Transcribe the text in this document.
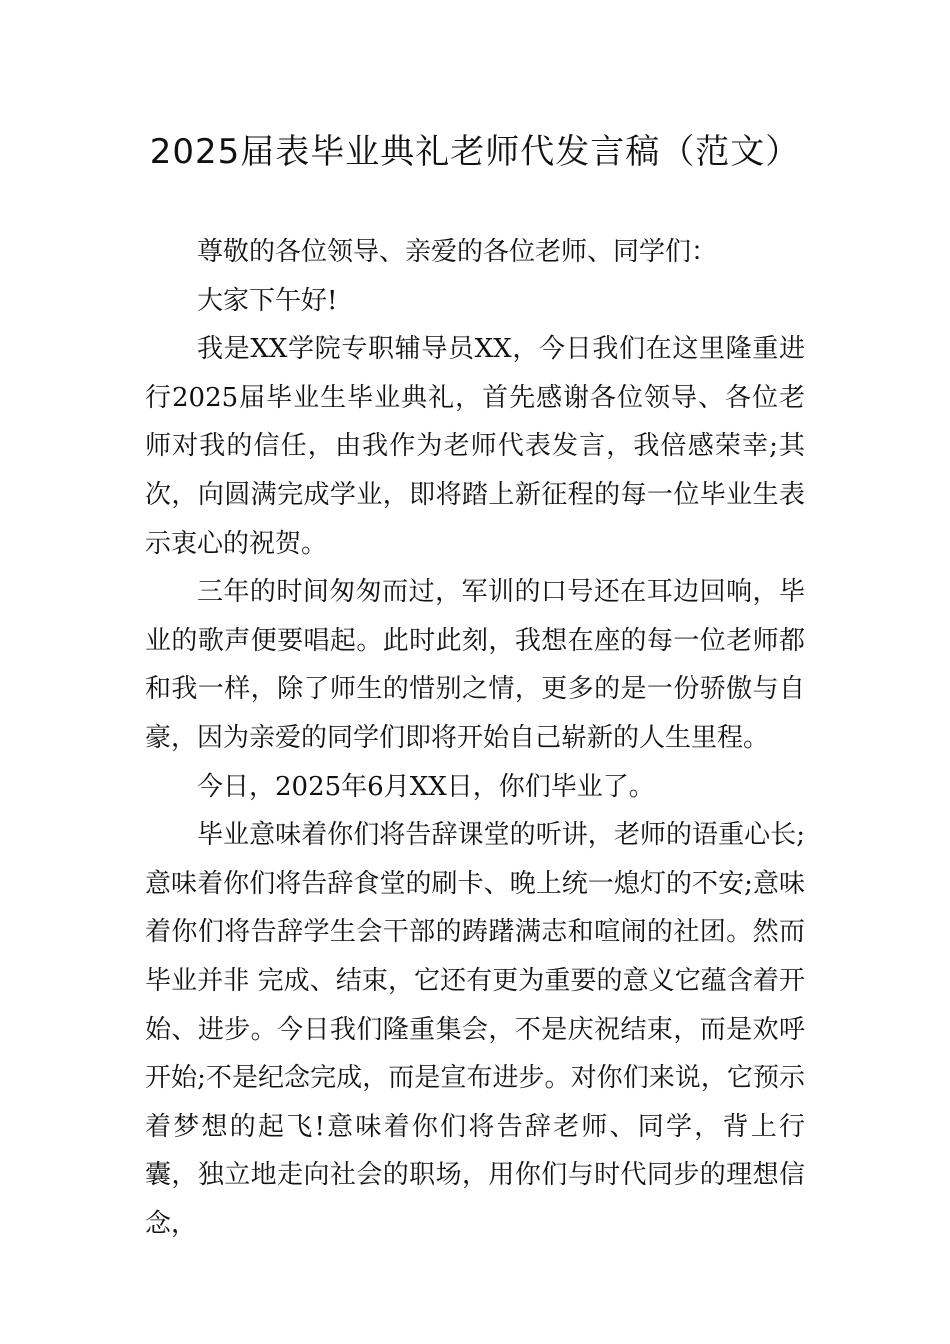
2025届表毕业典礼老师代发言稿（范文）

尊敬的各位领导、亲爱的各位老师、同学们：

大家下午好!

我是XX学院专职辅导员XX，今日我们在这里隆重进行2025届毕业生毕业典礼，首先感谢各位领导、各位老师对我的信任，由我作为老师代表发言，我倍感荣幸;其次，向圆满完成学业，即将踏上新征程的每一位毕业生表示衷心的祝贺。

三年的时间匆匆而过，军训的口号还在耳边回响，毕业的歌声便要唱起。此时此刻，我想在座的每一位老师都和我一样，除了师生的惜别之情，更多的是一份骄傲与自豪，因为亲爱的同学们即将开始自己崭新的人生里程。

今日，2025年6月XX日，你们毕业了。

毕业意味着你们将告辞课堂的听讲，老师的语重心长;意味着你们将告辞食堂的刷卡、晚上统一熄灯的不安;意味着你们将告辞学生会干部的踌躇满志和喧闹的社团。然而毕业并非 完成、结束，它还有更为重要的意义它蕴含着开始、进步。今日我们隆重集会，不是庆祝结束，而是欢呼开始;不是纪念完成，而是宣布进步。对你们来说，它预示着梦想的起飞!意味着你们将告辞老师、同学，背上行囊，独立地走向社会的职场，用你们与时代同步的理想信念，
